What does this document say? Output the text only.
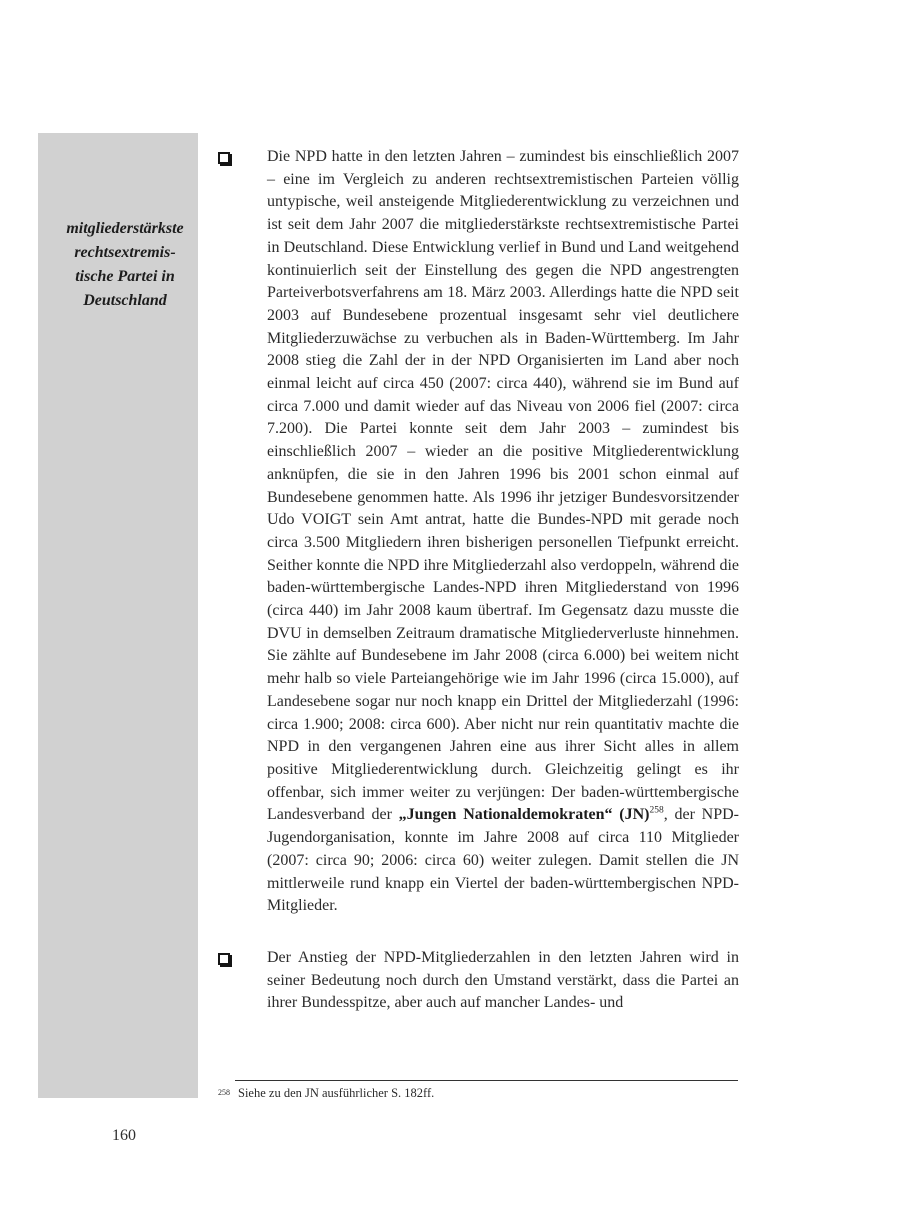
mitgliederstärkste
rechtsextremis-
tische Partei in
Deutschland

Die NPD hatte in den letzten Jahren – zumindest bis einschließlich 2007 – eine im Vergleich zu anderen rechtsextremistischen Parteien völlig untypische, weil ansteigende Mitgliederentwicklung zu verzeichnen und ist seit dem Jahr 2007 die mitgliederstärkste rechtsextremistische Partei in Deutschland. Diese Entwicklung verlief in Bund und Land weitgehend kontinuierlich seit der Einstellung des gegen die NPD angestrengten Parteiverbotsverfahrens am 18. März 2003. Allerdings hatte die NPD seit 2003 auf Bundesebene prozentual insgesamt sehr viel deutlichere Mitgliederzuwächse zu verbuchen als in Baden-Württemberg. Im Jahr 2008 stieg die Zahl der in der NPD Organisierten im Land aber noch einmal leicht auf circa 450 (2007: circa 440), während sie im Bund auf circa 7.000 und damit wieder auf das Niveau von 2006 fiel (2007: circa 7.200). Die Partei konnte seit dem Jahr 2003 – zumindest bis einschließlich 2007 – wieder an die positive Mitgliederentwicklung anknüpfen, die sie in den Jahren 1996 bis 2001 schon einmal auf Bundesebene genommen hatte. Als 1996 ihr jetziger Bundesvorsitzender Udo VOIGT sein Amt antrat, hatte die Bundes-NPD mit gerade noch circa 3.500 Mitgliedern ihren bisherigen personellen Tiefpunkt erreicht. Seither konnte die NPD ihre Mitgliederzahl also verdoppeln, während die baden-württembergische Landes-NPD ihren Mitgliederstand von 1996 (circa 440) im Jahr 2008 kaum übertraf. Im Gegensatz dazu musste die DVU in demselben Zeitraum dramatische Mitgliederverluste hinnehmen. Sie zählte auf Bundesebene im Jahr 2008 (circa 6.000) bei weitem nicht mehr halb so viele Parteiangehörige wie im Jahr 1996 (circa 15.000), auf Landesebene sogar nur noch knapp ein Drittel der Mitgliederzahl (1996: circa 1.900; 2008: circa 600). Aber nicht nur rein quantitativ machte die NPD in den vergangenen Jahren eine aus ihrer Sicht alles in allem positive Mitgliederentwicklung durch. Gleichzeitig gelingt es ihr offenbar, sich immer weiter zu verjüngen: Der baden-württembergische Landesverband der „Jungen Nationaldemokraten“ (JN)$^{258}$, der NPD-Jugendorganisation, konnte im Jahre 2008 auf circa 110 Mitglieder (2007: circa 90; 2006: circa 60) weiter zulegen. Damit stellen die JN mittlerweile rund knapp ein Viertel der baden-württembergischen NPD-Mitglieder.

Der Anstieg der NPD-Mitgliederzahlen in den letzten Jahren wird in seiner Bedeutung noch durch den Umstand verstärkt, dass die Partei an ihrer Bundesspitze, aber auch auf mancher Landes- und

258 Siehe zu den JN ausführlicher S. 182ff.

160
